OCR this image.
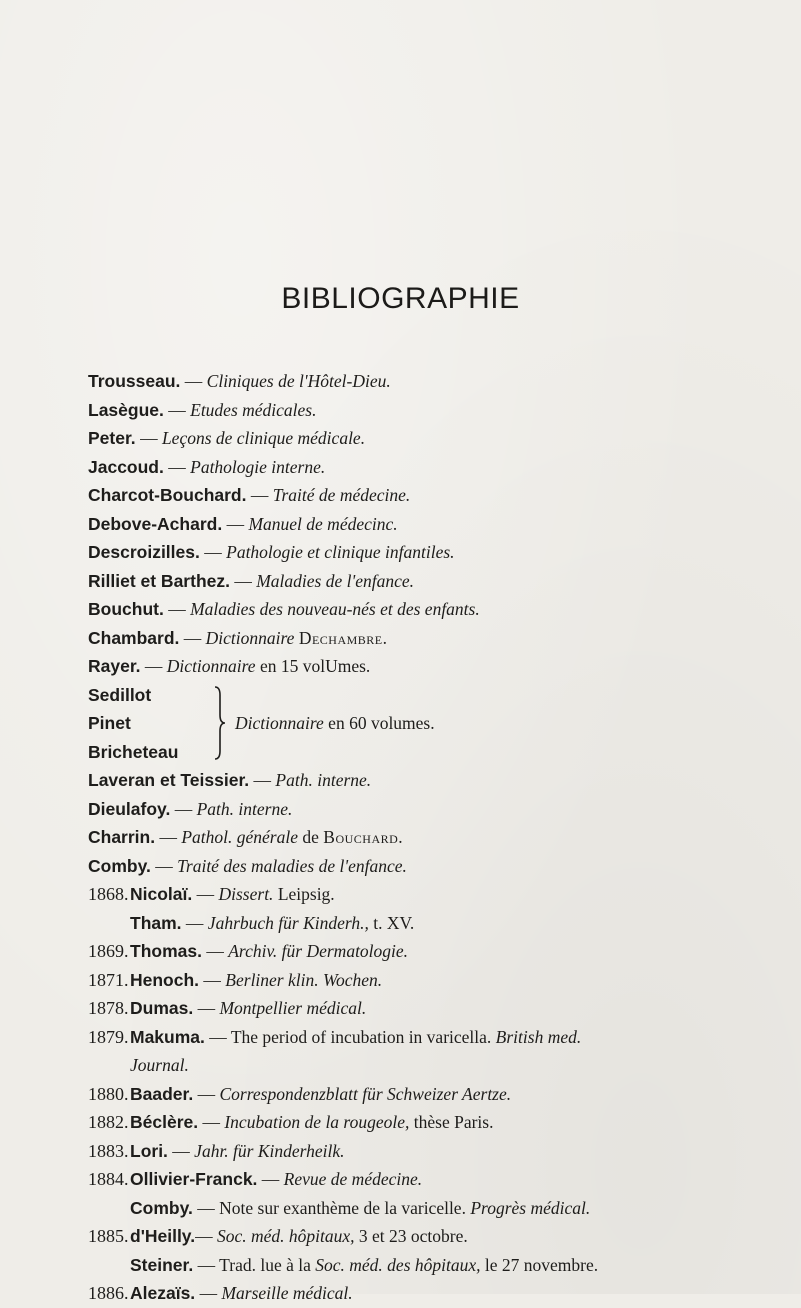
BIBLIOGRAPHIE
Trousseau. — Cliniques de l'Hôtel-Dieu.
Lasègue. — Etudes médicales.
Peter. — Leçons de clinique médicale.
Jaccoud. — Pathologie interne.
Charcot-Bouchard. — Traité de médecine.
Debove-Achard. — Manuel de médecinc.
Descroizilles. — Pathologie et clinique infantiles.
Rilliet et Barthez. — Maladies de l'enfance.
Bouchut. — Maladies des nouveau-nés et des enfants.
Chambard. — Dictionnaire Dechambre.
Rayer. — Dictionnaire en 15 volUmes.
Sedillot
Pinet
Bricheteau
Dictionnaire en 60 volumes.
Laveran et Teissier. — Path. interne.
Dieulafoy. — Path. interne.
Charrin. — Pathol. générale de Bouchard.
Comby. — Traité des maladies de l'enfance.
1868.Nicolaï. — Dissert. Leipsig.
Tham. — Jahrbuch für Kinderh., t. XV.
1869.Thomas. — Archiv. für Dermatologie.
1871.Henoch. — Berliner klin. Wochen.
1878.Dumas. — Montpellier médical.
1879.Makuma. — The period of incubation in varicella. British med.
Journal.
1880.Baader. — Correspondenzblatt für Schweizer Aertze.
1882.Béclère. — Incubation de la rougeole, thèse Paris.
1883.Lori. — Jahr. für Kinderheilk.
1884.Ollivier-Franck. — Revue de médecine.
Comby. — Note sur exanthème de la varicelle. Progrès médical.
1885.d'Heilly.— Soc. méd. hôpitaux, 3 et 23 octobre.
Steiner. — Trad. lue à la Soc. méd. des hôpitaux, le 27 novembre.
1886.Alezaïs. — Marseille médical.
